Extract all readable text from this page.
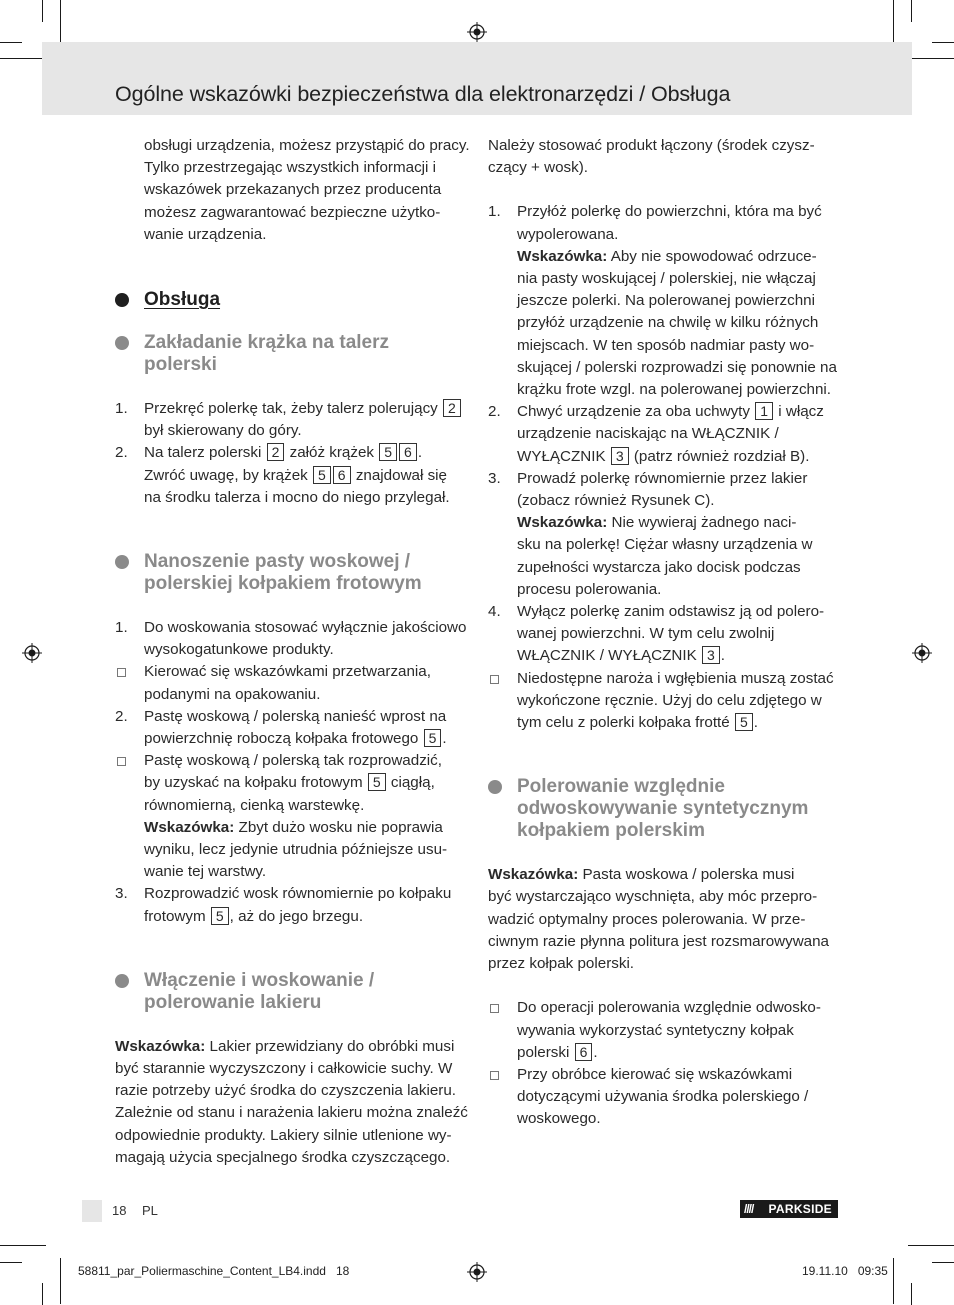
Ogólne wskazówki bezpieczeństwa dla elektronarzędzi / Obsługa
obsługi urządzenia, możesz przystąpić do pracy.
Tylko przestrzegając wszystkich informacji i
wskazówek przekazanych przez producenta
możesz zagwarantować bezpieczne użytko-
wanie urządzenia.
Obsługa
Zakładanie krążka na talerz
polerski
1.	Przekręć polerkę tak, żeby talerz polerujący 2
był skierowany do góry.
2.	Na talerz polerski 2 załóż krążek 5 6 .
Zwróć uwagę, by krążek 5 6 znajdował się
na środku talerza i mocno do niego przylegał.
Nanoszenie pasty woskowej /
polerskiej kołpakiem frotowym
1.	Do woskowania stosować wyłącznie jakościowo
wysokogatunkowe produkty.
Kierować się wskazówkami przetwarzania,
podanymi na opakowaniu.
2.	Pastę woskową / polerską nanieść wprost na
powierzchnię roboczą kołpaka frotowego 5 .
Pastę woskową / polerską tak rozprowadzić,
by uzyskać na kołpaku frotowym 5 ciągłą,
równomierną, cienką warstewkę.
Wskazówka: Zbyt dużo wosku nie poprawia
wyniku, lecz jedynie utrudnia późniejsze usu-
wanie tej warstwy.
3.	Rozprowadzić wosk równomiernie po kołpaku
frotowym 5 , aż do jego brzegu.
Włączenie i woskowanie /
polerowanie lakieru
Wskazówka: Lakier przewidziany do obróbki musi
być starannie wyczyszczony i całkowicie suchy. W
razie potrzeby użyć środka do czyszczenia lakieru.
Zależnie od stanu i narażenia lakieru można znaleźć
odpowiednie produkty. Lakiery silnie utlenione wy-
magają użycia specjalnego środka czyszczącego.
Należy stosować produkt łączony (środek czysz-
czący + wosk).
1.	Przyłóż polerkę do powierzchni, która ma być
wypolerowana.
Wskazówka: Aby nie spowodować odrzuce-
nia pasty woskującej / polerskiej, nie włączaj
jeszcze polerki. Na polerowanej powierzchni
przyłóż urządzenie na chwilę w kilku różnych
miejscach. W ten sposób nadmiar pasty wo-
skującej / polerski rozprowadzi się ponownie na
krążku frote wzgl. na polerowanej powierzchni.
2.	Chwyć urządzenie za oba uchwyty 1 i włącz
urządzenie naciskając na WŁĄCZNIK /
WYŁĄCZNIK 3 (patrz również rozdział B).
3.	Prowadź polerkę równomiernie przez lakier
(zobacz również Rysunek C).
Wskazówka: Nie wywieraj żadnego naci-
sku na polerkę! Ciężar własny urządzenia w
zupełności wystarcza jako docisk podczas
procesu polerowania.
4.	Wyłącz polerkę zanim odstawisz ją od polero-
wanej powierzchni. W tym celu zwolnij
WŁĄCZNIK / WYŁĄCZNIK 3 .
Niedostępne naroża i wgłębienia muszą zostać
wykończone ręcznie. Użyj do celu zdjętego w
tym celu z polerki kołpaka frotté 5 .
Polerowanie względnie
odwoskowywanie syntetycznym
kołpakiem polerskim
Wskazówka: Pasta woskowa / polerska musi
być wystarczająco wyschnięta, aby móc przepro-
wadzić optymalny proces polerowania. W prze-
ciwnym razie płynna politura jest rozsmarowywana
przez kołpak polerski.
Do operacji polerowania względnie odwosko-
wywania wykorzystać syntetyczny kołpak
polerski 6 .
Przy obróbce kierować się wskazówkami
dotyczącymi używania środka polerskiego /
woskowego.
18 PL	//// PARKSIDE
58811_par_Poliermaschine_Content_LB4.indd   18	19.11.10   09:35
